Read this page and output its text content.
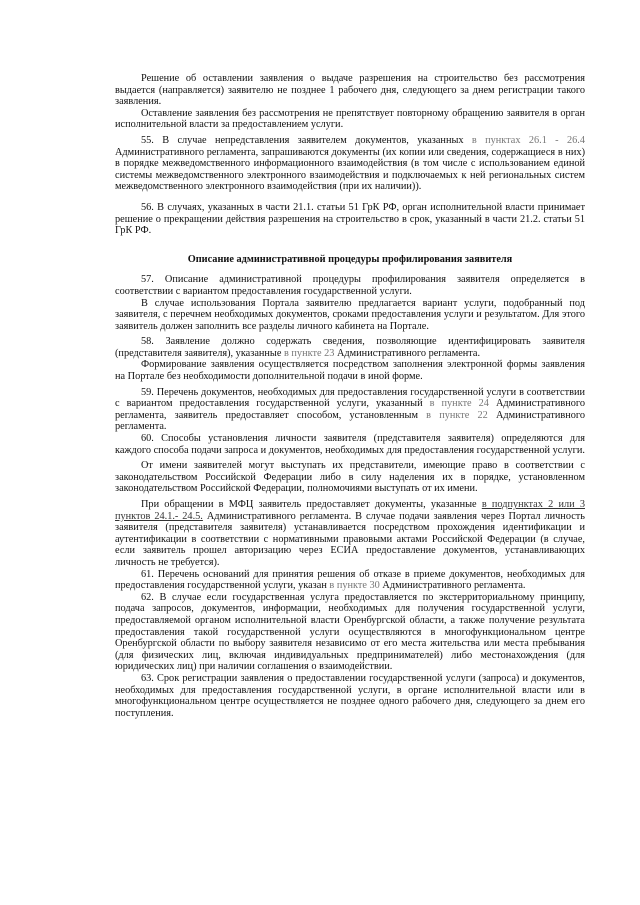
Решение об оставлении заявления о выдаче разрешения на строительство без рассмотрения выдается (направляется) заявителю не позднее 1 рабочего дня, следующего за днем регистрации такого заявления.

Оставление заявления без рассмотрения не препятствует повторному обращению заявителя в орган исполнительной власти за предоставлением услуги.

55. В случае непредставления заявителем документов, указанных в пунктах 26.1 - 26.4 Административного регламента, запрашиваются документы (их копии или сведения, содержащиеся в них) в порядке межведомственного информационного взаимодействия (в том числе с использованием единой системы межведомственного электронного взаимодействия и подключаемых к ней региональных систем межведомственного электронного взаимодействия (при их наличии)).

56. В случаях, указанных в части 21.1. статьи 51 ГрК РФ, орган исполнительной власти принимает решение о прекращении действия разрешения на строительство в срок, указанный в части 21.2. статьи 51 ГрК РФ.

Описание административной процедуры профилирования заявителя

57. Описание административной процедуры профилирования заявителя определяется в соответствии с вариантом предоставления государственной услуги.

В случае использования Портала заявителю предлагается вариант услуги, подобранный под заявителя, с перечнем необходимых документов, сроками предоставления услуги и результатом. Для этого заявитель должен заполнить все разделы личного кабинета на Портале.

58. Заявление должно содержать сведения, позволяющие идентифицировать заявителя (представителя заявителя), указанные в пункте 23 Административного регламента.

Формирование заявления осуществляется посредством заполнения электронной формы заявления на Портале без необходимости дополнительной подачи в иной форме.

59. Перечень документов, необходимых для предоставления государственной услуги в соответствии с вариантом предоставления государственной услуги, указанный в пункте 24 Административного регламента, заявитель предоставляет способом, установленным в пункте 22 Административного регламента.

60. Способы установления личности заявителя (представителя заявителя) определяются для каждого способа подачи запроса и документов, необходимых для предоставления государственной услуги.

От имени заявителей могут выступать их представители, имеющие право в соответствии с законодательством Российской Федерации либо в силу наделения их в порядке, установленном законодательством Российской Федерации, полномочиями выступать от их имени.

При обращении в МФЦ заявитель предоставляет документы, указанные в подпунктах 2 или 3 пунктов 24.1.- 24.5. Административного регламента. В случае подачи заявления через Портал личность заявителя (представителя заявителя) устанавливается посредством прохождения идентификации и аутентификации в соответствии с нормативными правовыми актами Российской Федерации (в случае, если заявитель прошел авторизацию через ЕСИА предоставление документов, устанавливающих личность не требуется).

61. Перечень оснований для принятия решения об отказе в приеме документов, необходимых для предоставления государственной услуги, указан в пункте 30 Административного регламента.

62. В случае если государственная услуга предоставляется по экстерриториальному принципу, подача запросов, документов, информации, необходимых для получения государственной услуги, предоставляемой органом исполнительной власти Оренбургской области, а также получение результата предоставления такой государственной услуги осуществляются в многофункциональном центре Оренбургской области по выбору заявителя независимо от его места жительства или места пребывания (для физических лиц, включая индивидуальных предпринимателей) либо местонахождения (для юридических лиц) при наличии соглашения о взаимодействии.

63. Срок регистрации заявления о предоставлении государственной услуги (запроса) и документов, необходимых для предоставления государственной услуги, в органе исполнительной власти или в многофункциональном центре осуществляется не позднее одного рабочего дня, следующего за днем его поступления.
